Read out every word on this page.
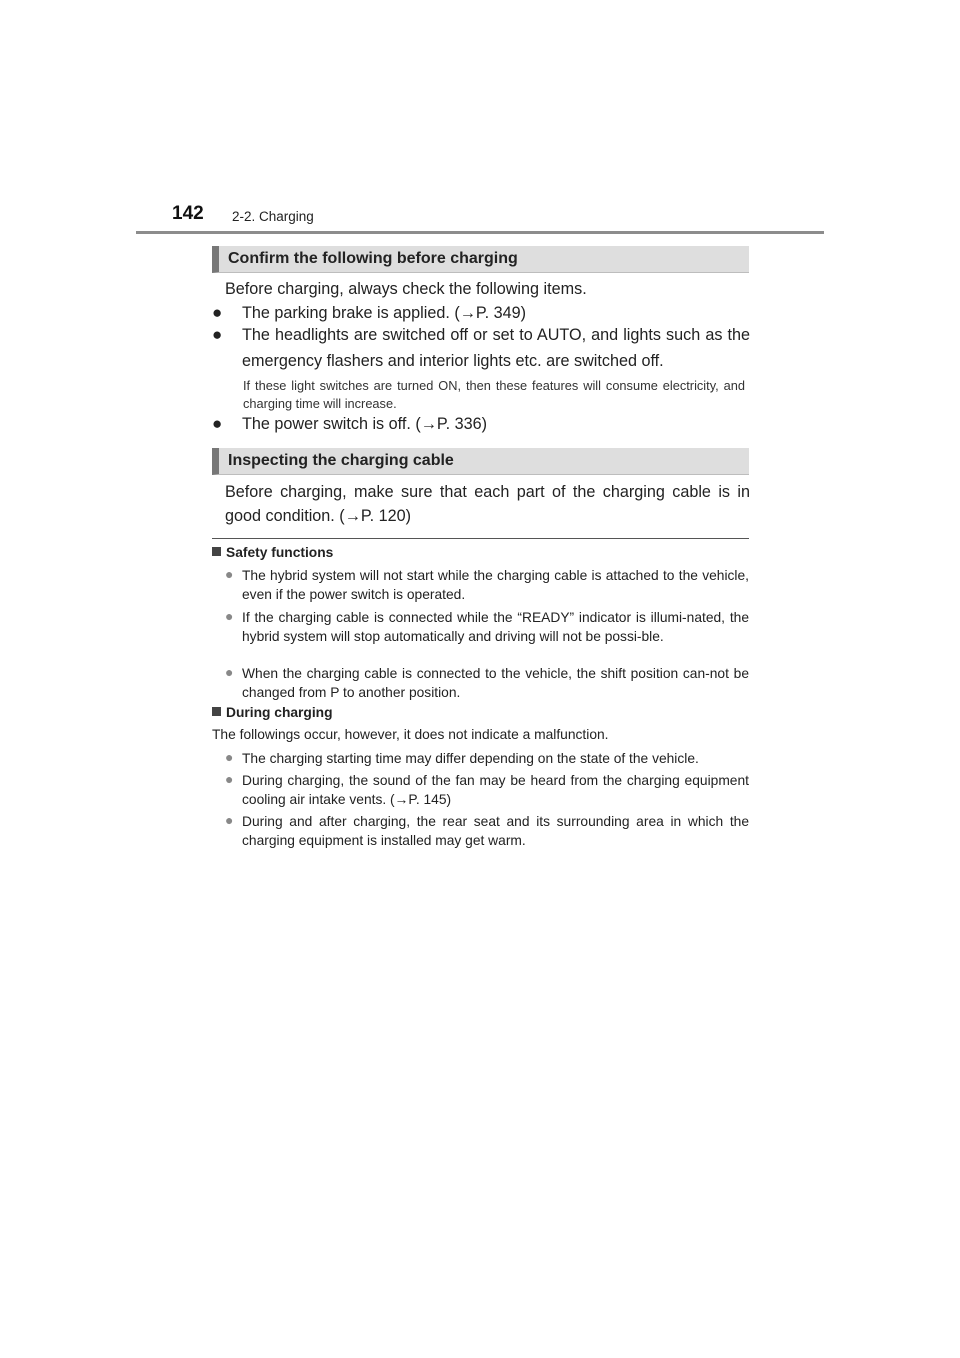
142 2-2. Charging
Confirm the following before charging
Before charging, always check the following items.
● The parking brake is applied. (→P. 349)
● The headlights are switched off or set to AUTO, and lights such as the emergency flashers and interior lights etc. are switched off.
If these light switches are turned ON, then these features will consume electricity, and charging time will increase.
● The power switch is off. (→P. 336)
Inspecting the charging cable
Before charging, make sure that each part of the charging cable is in good condition. (→P. 120)
Safety functions
● The hybrid system will not start while the charging cable is attached to the vehicle, even if the power switch is operated.
● If the charging cable is connected while the “READY” indicator is illumi-nated, the hybrid system will stop automatically and driving will not be possi-ble.
● When the charging cable is connected to the vehicle, the shift position can-not be changed from P to another position.
During charging
The followings occur, however, it does not indicate a malfunction.
● The charging starting time may differ depending on the state of the vehicle.
● During charging, the sound of the fan may be heard from the charging equipment cooling air intake vents. (→P. 145)
● During and after charging, the rear seat and its surrounding area in which the charging equipment is installed may get warm.
